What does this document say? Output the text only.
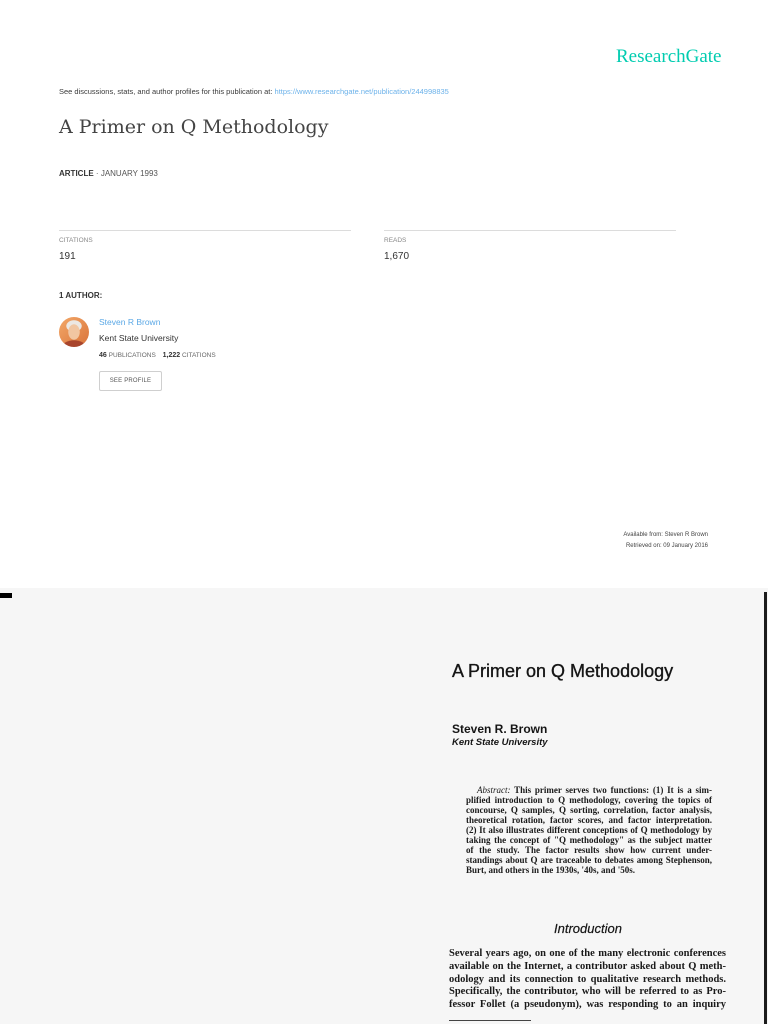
ResearchGate
See discussions, stats, and author profiles for this publication at: https://www.researchgate.net/publication/244998835
A Primer on Q Methodology
ARTICLE · JANUARY 1993
CITATIONS
191
READS
1,670
1 AUTHOR:
Steven R Brown
Kent State University
46 PUBLICATIONS 1,222 CITATIONS
SEE PROFILE
Available from: Steven R Brown
Retrieved on: 09 January 2016
A Primer on Q Methodology
Steven R. Brown
Kent State University
Abstract: This primer serves two functions: (1) It is a sim-
plified introduction to Q methodology, covering the topics of
concourse, Q samples, Q sorting, correlation, factor analysis,
theoretical rotation, factor scores, and factor interpretation.
(2) It also illustrates different conceptions of Q methodology by
taking the concept of "Q methodology" as the subject matter
of the study. The factor results show how current under-
standings about Q are traceable to debates among Stephenson,
Burt, and others in the 1930s, '40s, and '50s.
Introduction
Several years ago, on one of the many electronic conferences
available on the Internet, a contributor asked about Q meth-
odology and its connection to qualitative research methods.
Specifically, the contributor, who will be referred to as Pro-
fessor Follet (a pseudonym), was responding to an inquiry
